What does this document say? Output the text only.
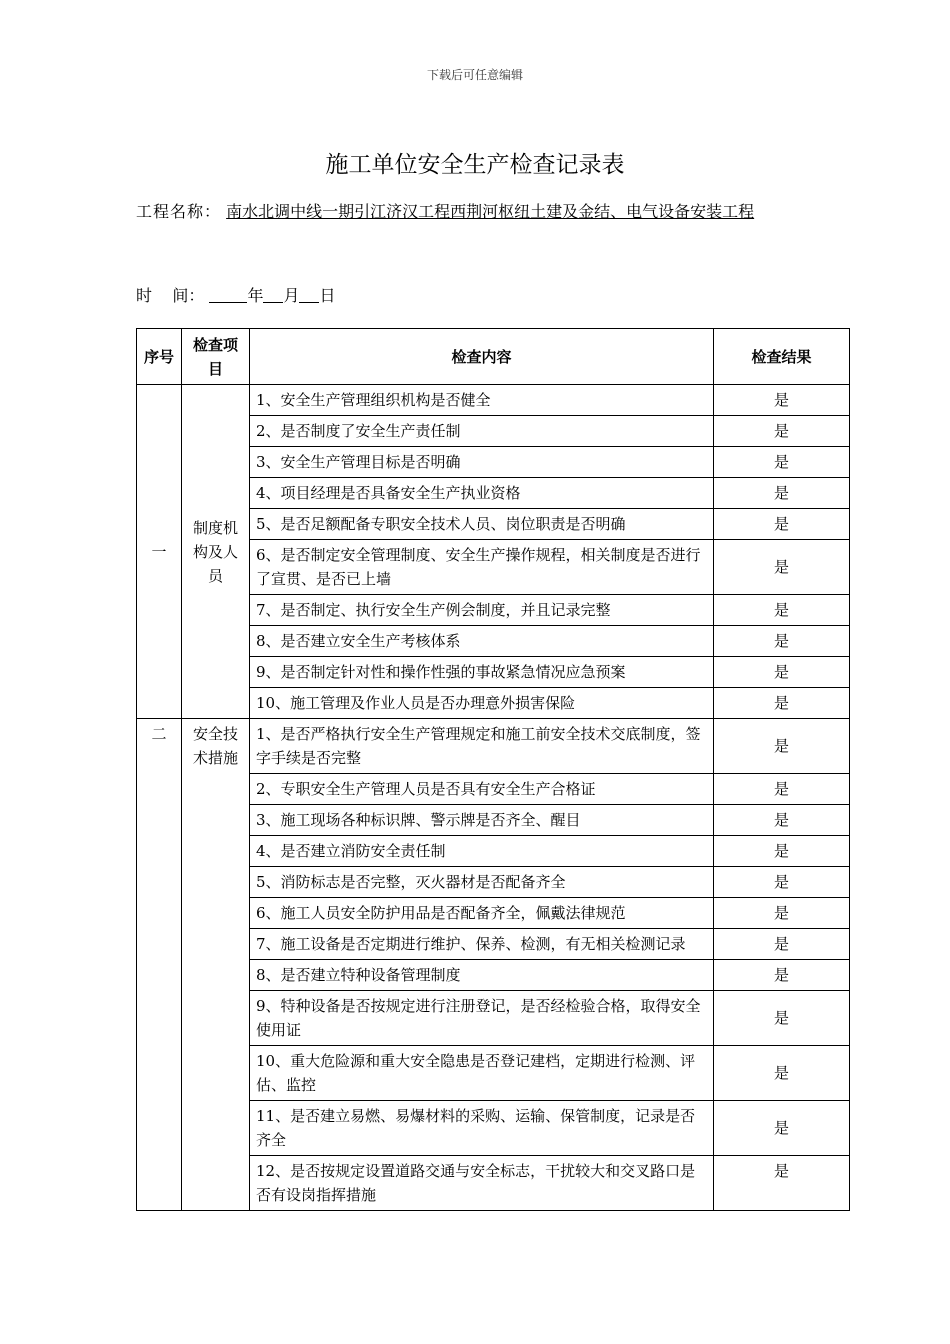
下载后可任意编辑
施工单位安全生产检查记录表
工程名称： 南水北调中线一期引江济汉工程西荆河枢纽土建及金结、电气设备安装工程
时    间：	年 月 日
序号	检查项目	检查内容	检查结果
一	制度机构及人员	1、安全生产管理组织机构是否健全	是
		2、是否制度了安全生产责任制	是
		3、安全生产管理目标是否明确	是
		4、项目经理是否具备安全生产执业资格	是
		5、是否足额配备专职安全技术人员、岗位职责是否明确	是
		6、是否制定安全管理制度、安全生产操作规程，相关制度是否进行了宣贯、是否已上墙	是
		7、是否制定、执行安全生产例会制度，并且记录完整	是
		8、是否建立安全生产考核体系	是
		9、是否制定针对性和操作性强的事故紧急情况应急预案	是
		10、施工管理及作业人员是否办理意外损害保险	是
二	安全技术措施	1、是否严格执行安全生产管理规定和施工前安全技术交底制度，签字手续是否完整	是
		2、专职安全生产管理人员是否具有安全生产合格证	是
		3、施工现场各种标识牌、警示牌是否齐全、醒目	是
		4、是否建立消防安全责任制	是
		5、消防标志是否完整，灭火器材是否配备齐全	是
		6、施工人员安全防护用品是否配备齐全，佩戴法律规范	是
		7、施工设备是否定期进行维护、保养、检测，有无相关检测记录	是
		8、是否建立特种设备管理制度	是
		9、特种设备是否按规定进行注册登记，是否经检验合格，取得安全使用证	是
		10、重大危险源和重大安全隐患是否登记建档，定期进行检测、评估、监控	是
		11、是否建立易燃、易爆材料的采购、运输、保管制度，记录是否齐全	是
		12、是否按规定设置道路交通与安全标志，干扰较大和交叉路口是否有设岗指挥措施	是
